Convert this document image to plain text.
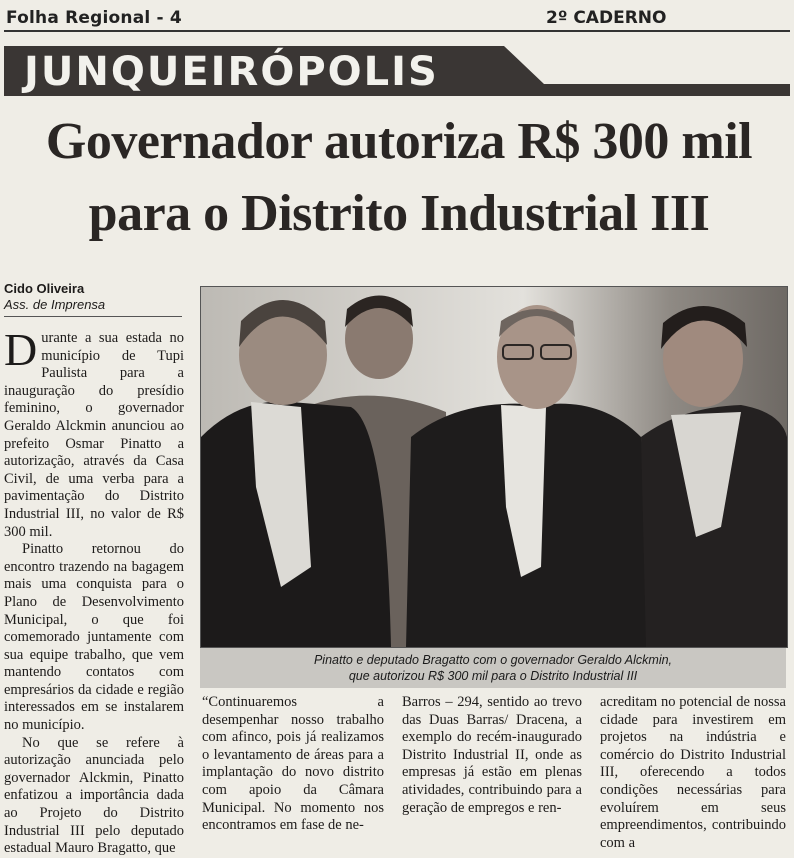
Folha Regional - 4	2º CADERNO
JUNQUEIRÓPOLIS
Governador autoriza R$ 300 mil
para o Distrito Industrial III
Cido Oliveira
Ass. de Imprensa

Durante a sua estada no município de Tupi Paulista para a inauguração do presídio feminino, o governador Geraldo Alckmin anunciou ao prefeito Osmar Pinatto a autorização, através da Casa Civil, de uma verba para a pavimentação do Distrito Industrial III, no valor de R$ 300 mil.

Pinatto retornou do encontro trazendo na bagagem mais uma conquista para o Plano de Desenvolvimento Municipal, o que foi comemorado juntamente com sua equipe trabalho, que vem mantendo contatos com empresários da cidade e região interessados em se instalarem no município.

No que se refere à autorização anunciada pelo governador Alckmin, Pinatto enfatizou a importância dada ao Projeto do Distrito Industrial III pelo deputado estadual Mauro Bragatto, que

Pinatto e deputado Bragatto com o governador Geraldo Alckmin,
que autorizou R$ 300 mil para o Distrito Industrial III

“Continuaremos a desempenhar nosso trabalho com afinco, pois já realizamos o levantamento de áreas para a implantação do novo distrito com apoio da Câmara Municipal. No momento nos encontramos em fase de ne-

Barros – 294, sentido ao trevo das Duas Barras/ Dracena, a exemplo do recém-inaugurado Distrito Industrial II, onde as empresas já estão em plenas atividades, contribuindo para a geração de empregos e ren-

acreditam no potencial de nossa cidade para investirem em projetos na indústria e comércio do Distrito Industrial III, oferecendo a todos condições necessárias para evoluírem em seus empreendimentos, contribuindo com a
